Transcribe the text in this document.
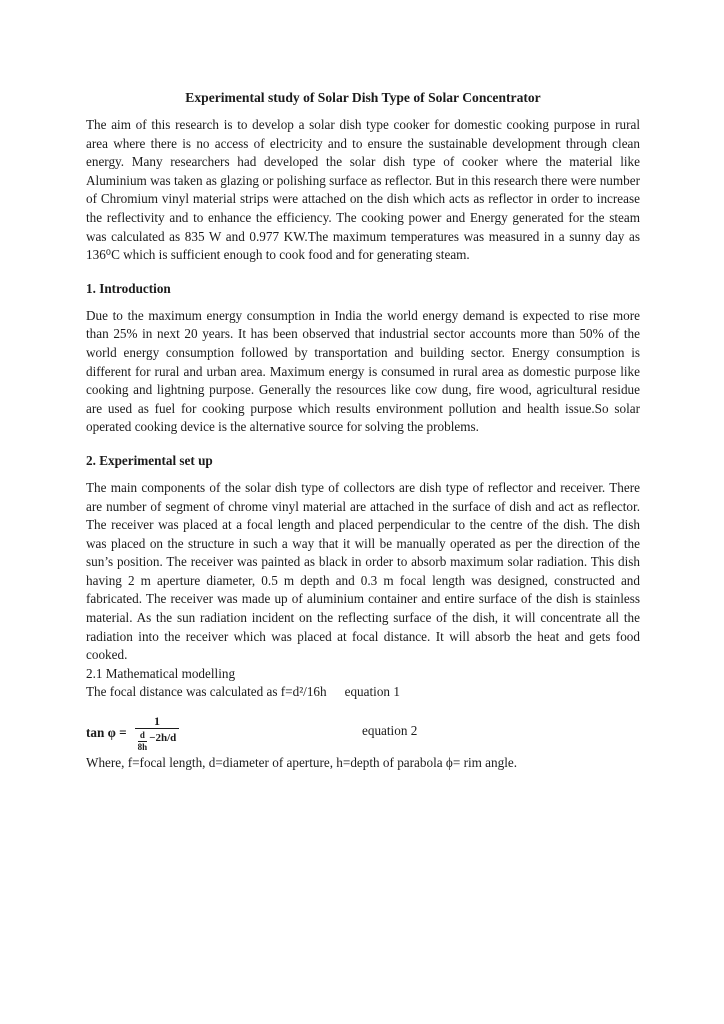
Experimental study of Solar Dish Type of Solar Concentrator

The aim of this research is to develop a solar dish type cooker for domestic cooking purpose in rural area where there is no access of electricity and to ensure the sustainable development through clean energy. Many researchers had developed the solar dish type of cooker where the material like Aluminium was taken as glazing or polishing surface as reflector. But in this research there were number of Chromium vinyl material strips were attached on the dish which acts as reflector in order to increase the reflectivity and to enhance the efficiency. The cooking power and Energy generated for the steam was calculated as 835 W and 0.977 KW.The maximum temperatures was measured in a sunny day as 136⁰C which is sufficient enough to cook food and for generating steam.

1. Introduction

Due to the maximum energy consumption in India the world energy demand is expected to rise more than 25% in next 20 years. It has been observed that industrial sector accounts more than 50% of the world energy consumption followed by transportation and building sector. Energy consumption is different for rural and urban area. Maximum energy is consumed in rural area as domestic purpose like cooking and lightning purpose. Generally the resources like cow dung, fire wood, agricultural residue are used as fuel for cooking purpose which results environment pollution and health issue.So solar operated cooking device is the alternative source for solving the problems.

2. Experimental set up

The main components of the solar dish type of collectors are dish type of reflector and receiver. There are number of segment of chrome vinyl material are attached in the surface of dish and act as reflector. The receiver was placed at a focal length and placed perpendicular to the centre of the dish. The dish was placed on the structure in such a way that it will be manually operated as per the direction of the sun’s position. The receiver was painted as black in order to absorb maximum solar radiation. This dish having 2 m aperture diameter, 0.5 m depth and 0.3 m focal length was designed, constructed and fabricated. The receiver was made up of aluminium container and entire surface of the dish is stainless material. As the sun radiation incident on the reflecting surface of the dish, it will concentrate all the radiation into the receiver which was placed at focal distance. It will absorb the heat and gets food cooked.

2.1 Mathematical modelling

The focal distance was calculated as f=d²/16h equation 1

$\tan \varphi = \frac{1}{\frac{d}{8h} -2h/d}$	equation 2

Where, f=focal length, d=diameter of aperture, h=depth of parabola ϕ= rim angle.
